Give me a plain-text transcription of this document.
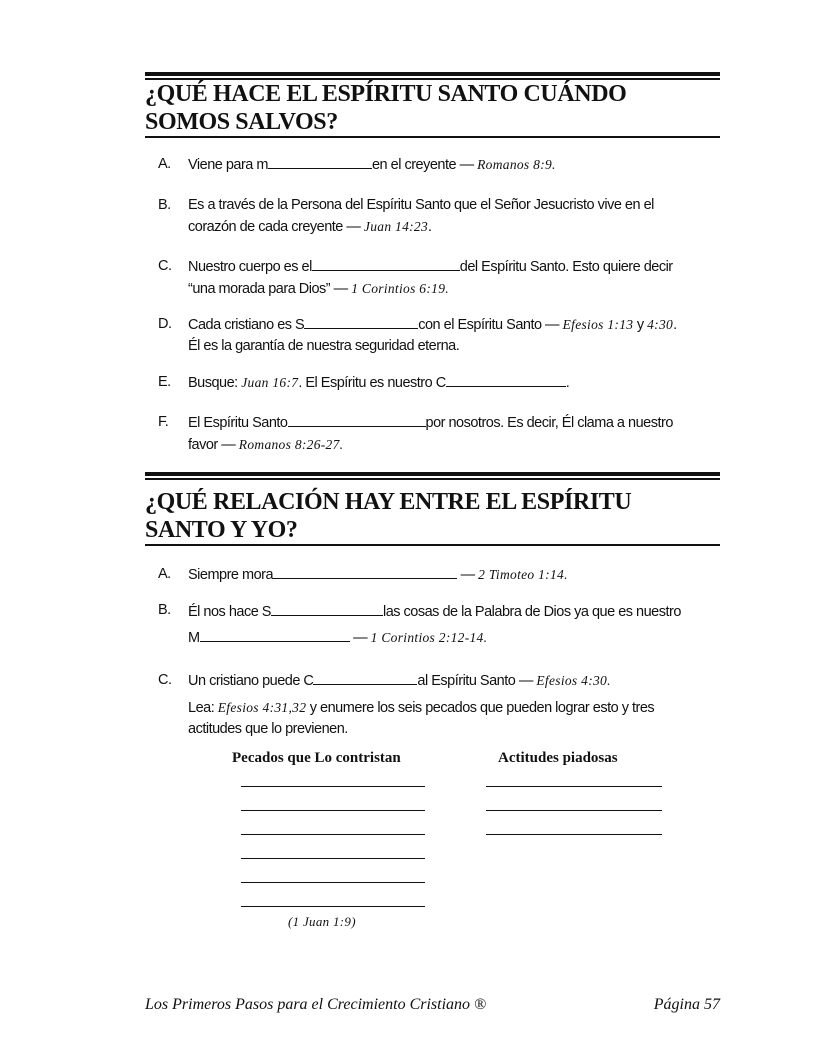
¿QUÉ HACE EL ESPÍRITU SANTO CUÁNDO
SOMOS SALVOS?
A.	Viene para m	en el creyente — Romanos 8:9.
B.	Es a través de la Persona del Espíritu Santo que el Señor Jesucristo vive en el
corazón de cada creyente — Juan 14:23.
C.	Nuestro cuerpo es el	del Espíritu Santo. Esto quiere decir
“una morada para Dios” — 1 Corintios 6:19.
D.	Cada cristiano es S	con el Espíritu Santo — Efesios 1:13 y 4:30.
Él es la garantía de nuestra seguridad eterna.
E.	Busque: Juan 16:7. El Espíritu es nuestro C	.
F.	El Espíritu Santo	por nosotros. Es decir, Él clama a nuestro
favor — Romanos 8:26-27.
¿QUÉ RELACIÓN HAY ENTRE EL ESPÍRITU
SANTO Y YO?
A.	Siempre mora	— 2 Timoteo 1:14.
B.	Él nos hace S	las cosas de la Palabra de Dios ya que es nuestro
M	— 1 Corintios 2:12-14.
C.	Un cristiano puede C	al Espíritu Santo — Efesios 4:30.
Lea: Efesios 4:31,32 y enumere los seis pecados que pueden lograr esto y tres
actitudes que lo previenen.
Pecados que Lo contristan	Actitudes piadosas
(1 Juan 1:9)
Los Primeros Pasos para el Crecimiento Cristiano ®	Página 57
